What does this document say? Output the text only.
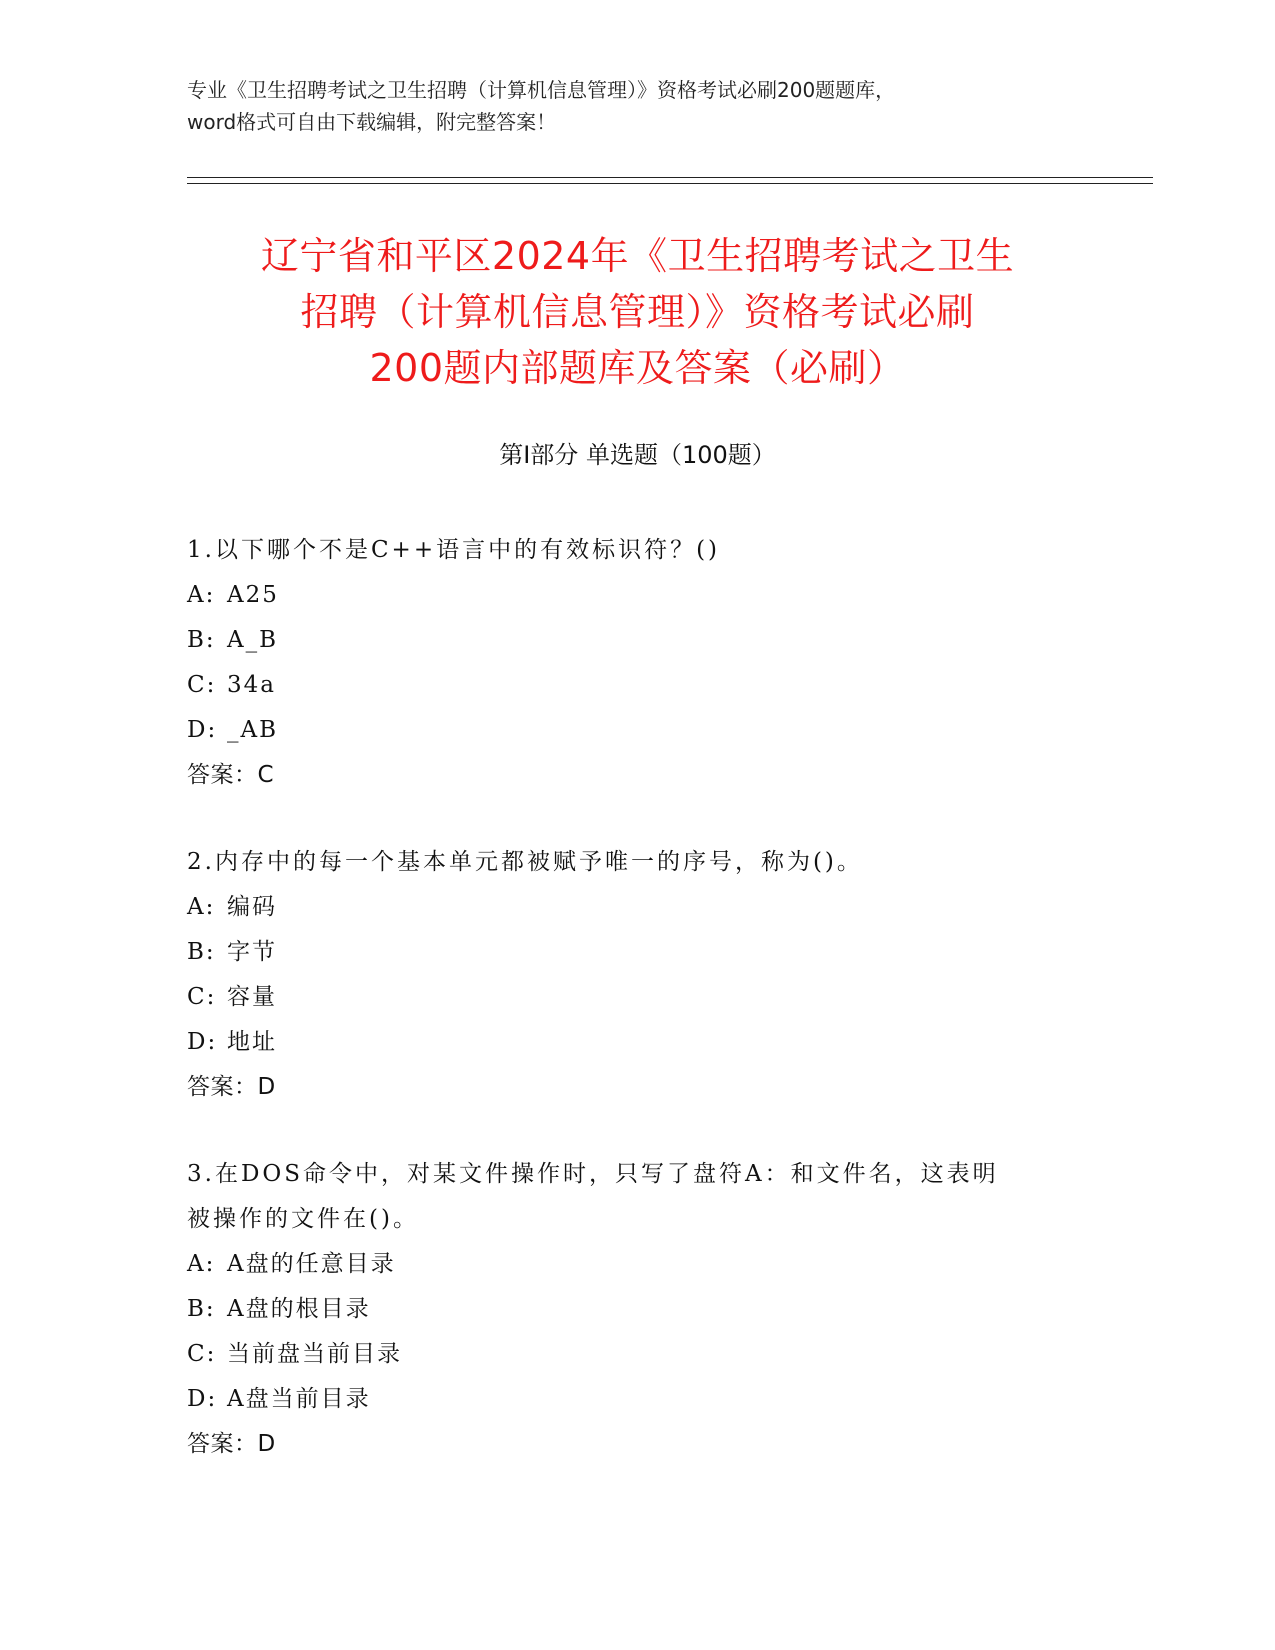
专业《卫生招聘考试之卫生招聘（计算机信息管理）》资格考试必刷200题题库，
word格式可自由下载编辑，附完整答案！
辽宁省和平区2024年《卫生招聘考试之卫生
招聘（计算机信息管理）》资格考试必刷
200题内部题库及答案（必刷）
第I部分 单选题（100题）
1.以下哪个不是C++语言中的有效标识符？()
A: A25
B: A_B
C: 34a
D: _AB
答案：C
2.内存中的每一个基本单元都被赋予唯一的序号，称为()。
A: 编码
B: 字节
C: 容量
D: 地址
答案：D
3.在DOS命令中，对某文件操作时，只写了盘符A：和文件名，这表明
被操作的文件在()。
A: A盘的任意目录
B: A盘的根目录
C: 当前盘当前目录
D: A盘当前目录
答案：D
